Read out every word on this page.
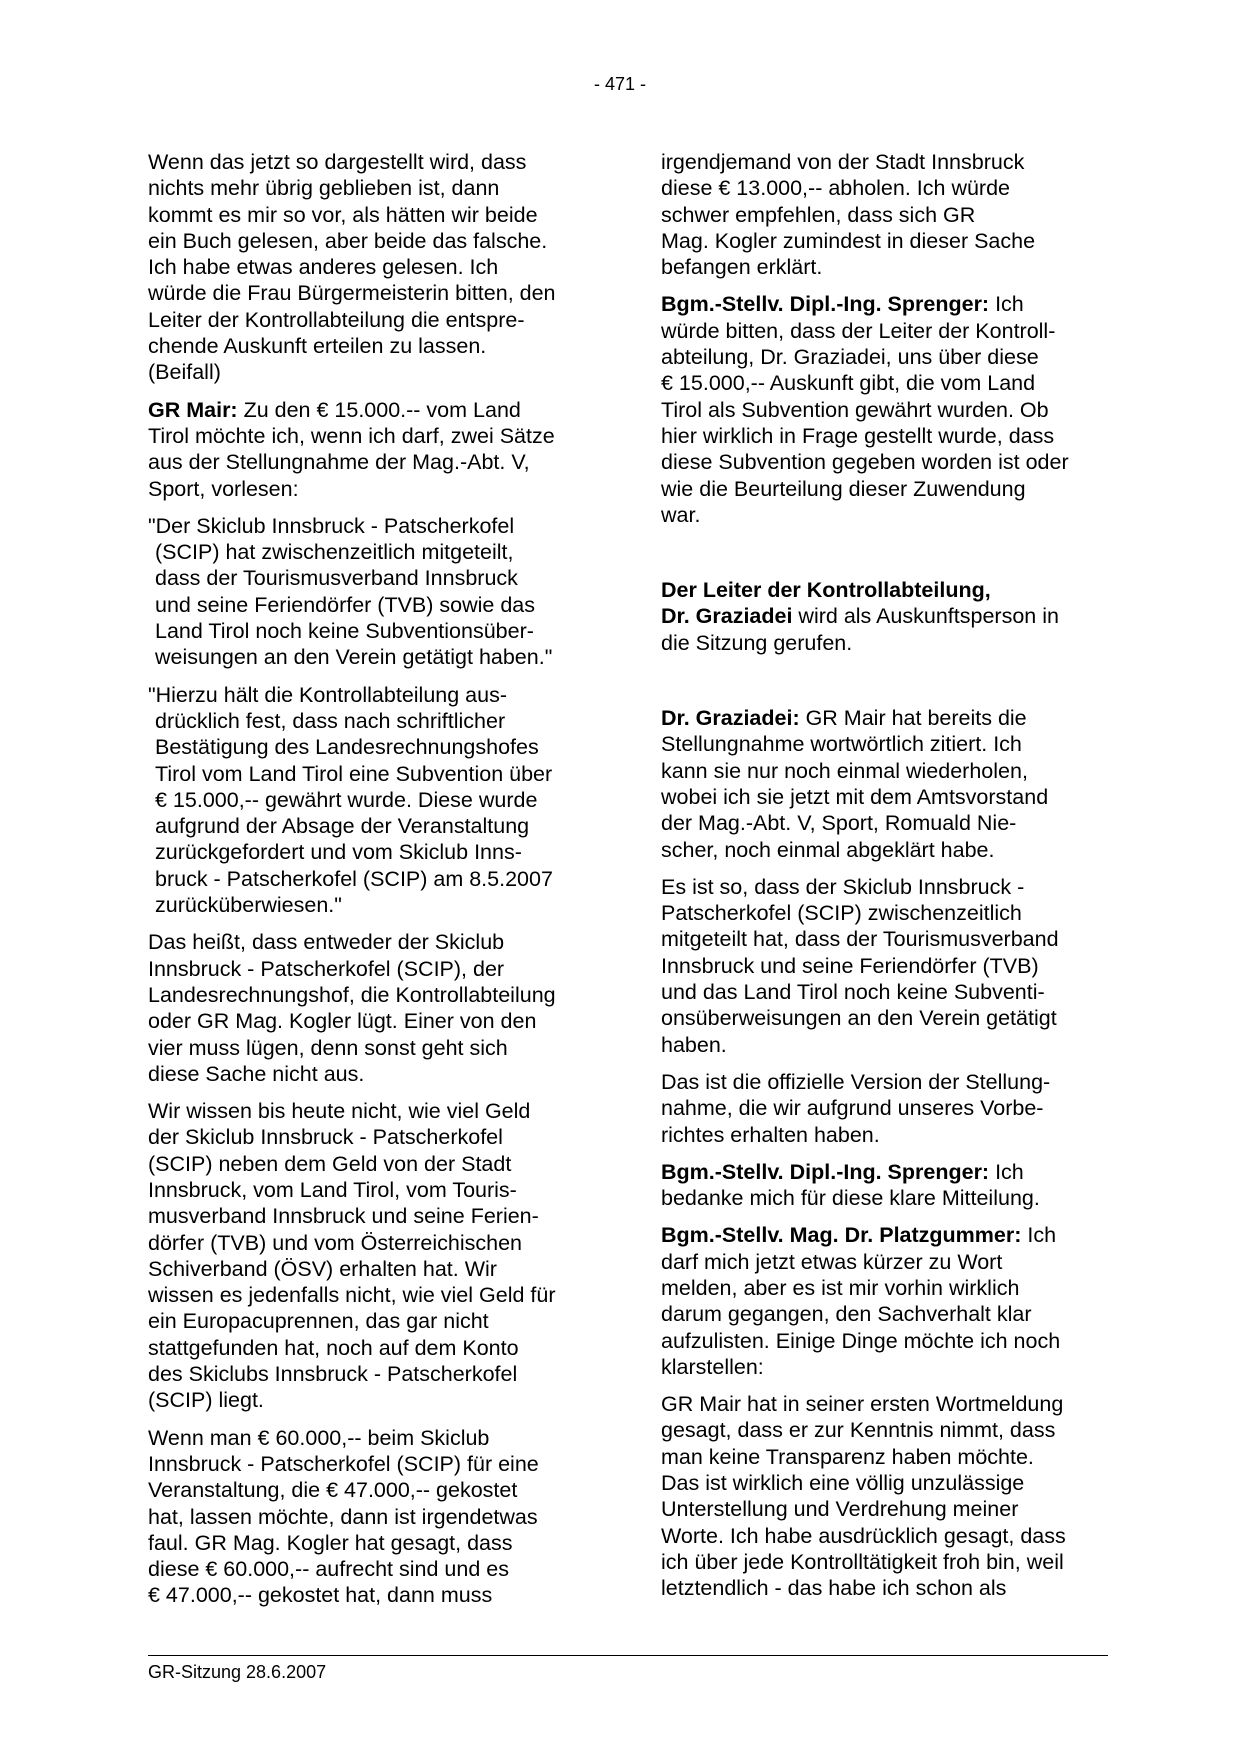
- 471 -

Wenn das jetzt so dargestellt wird, dass
nichts mehr übrig geblieben ist, dann
kommt es mir so vor, als hätten wir beide
ein Buch gelesen, aber beide das falsche.
Ich habe etwas anderes gelesen. Ich
würde die Frau Bürgermeisterin bitten, den
Leiter der Kontrollabteilung die entspre-
chende Auskunft erteilen zu lassen.
(Beifall)

GR Mair: Zu den € 15.000.-- vom Land
Tirol möchte ich, wenn ich darf, zwei Sätze
aus der Stellungnahme der Mag.-Abt. V,
Sport, vorlesen:

"Der Skiclub Innsbruck - Patscherkofel
(SCIP) hat zwischenzeitlich mitgeteilt,
dass der Tourismusverband Innsbruck
und seine Feriendörfer (TVB) sowie das
Land Tirol noch keine Subventionsüber-
weisungen an den Verein getätigt haben."

"Hierzu hält die Kontrollabteilung aus-
drücklich fest, dass nach schriftlicher
Bestätigung des Landesrechnungshofes
Tirol vom Land Tirol eine Subvention über
€ 15.000,-- gewährt wurde. Diese wurde
aufgrund der Absage der Veranstaltung
zurückgefordert und vom Skiclub Inns-
bruck - Patscherkofel (SCIP) am 8.5.2007
zurücküberwiesen."

Das heißt, dass entweder der Skiclub
Innsbruck - Patscherkofel (SCIP), der
Landesrechnungshof, die Kontrollabteilung
oder GR Mag. Kogler lügt. Einer von den
vier muss lügen, denn sonst geht sich
diese Sache nicht aus.

Wir wissen bis heute nicht, wie viel Geld
der Skiclub Innsbruck - Patscherkofel
(SCIP) neben dem Geld von der Stadt
Innsbruck, vom Land Tirol, vom Touris-
musverband Innsbruck und seine Ferien-
dörfer (TVB) und vom Österreichischen
Schiverband (ÖSV) erhalten hat. Wir
wissen es jedenfalls nicht, wie viel Geld für
ein Europacuprennen, das gar nicht
stattgefunden hat, noch auf dem Konto
des Skiclubs Innsbruck - Patscherkofel
(SCIP) liegt.

Wenn man € 60.000,-- beim Skiclub
Innsbruck - Patscherkofel (SCIP) für eine
Veranstaltung, die € 47.000,-- gekostet
hat, lassen möchte, dann ist irgendetwas
faul. GR Mag. Kogler hat gesagt, dass
diese € 60.000,-- aufrecht sind und es
€ 47.000,-- gekostet hat, dann muss

irgendjemand von der Stadt Innsbruck
diese € 13.000,-- abholen. Ich würde
schwer empfehlen, dass sich GR
Mag. Kogler zumindest in dieser Sache
befangen erklärt.

Bgm.-Stellv. Dipl.-Ing. Sprenger: Ich
würde bitten, dass der Leiter der Kontroll-
abteilung, Dr. Graziadei, uns über diese
€ 15.000,-- Auskunft gibt, die vom Land
Tirol als Subvention gewährt wurden. Ob
hier wirklich in Frage gestellt wurde, dass
diese Subvention gegeben worden ist oder
wie die Beurteilung dieser Zuwendung
war.

Der Leiter der Kontrollabteilung,
Dr. Graziadei wird als Auskunftsperson in
die Sitzung gerufen.

Dr. Graziadei: GR Mair hat bereits die
Stellungnahme wortwörtlich zitiert. Ich
kann sie nur noch einmal wiederholen,
wobei ich sie jetzt mit dem Amtsvorstand
der Mag.-Abt. V, Sport, Romuald Nie-
scher, noch einmal abgeklärt habe.

Es ist so, dass der Skiclub Innsbruck -
Patscherkofel (SCIP) zwischenzeitlich
mitgeteilt hat, dass der Tourismusverband
Innsbruck und seine Feriendörfer (TVB)
und das Land Tirol noch keine Subventi-
onsüberweisungen an den Verein getätigt
haben.

Das ist die offizielle Version der Stellung-
nahme, die wir aufgrund unseres Vorbe-
richtes erhalten haben.

Bgm.-Stellv. Dipl.-Ing. Sprenger: Ich
bedanke mich für diese klare Mitteilung.

Bgm.-Stellv. Mag. Dr. Platzgummer: Ich
darf mich jetzt etwas kürzer zu Wort
melden, aber es ist mir vorhin wirklich
darum gegangen, den Sachverhalt klar
aufzulisten. Einige Dinge möchte ich noch
klarstellen:

GR Mair hat in seiner ersten Wortmeldung
gesagt, dass er zur Kenntnis nimmt, dass
man keine Transparenz haben möchte.
Das ist wirklich eine völlig unzulässige
Unterstellung und Verdrehung meiner
Worte. Ich habe ausdrücklich gesagt, dass
ich über jede Kontrolltätigkeit froh bin, weil
letztendlich - das habe ich schon als

GR-Sitzung 28.6.2007
